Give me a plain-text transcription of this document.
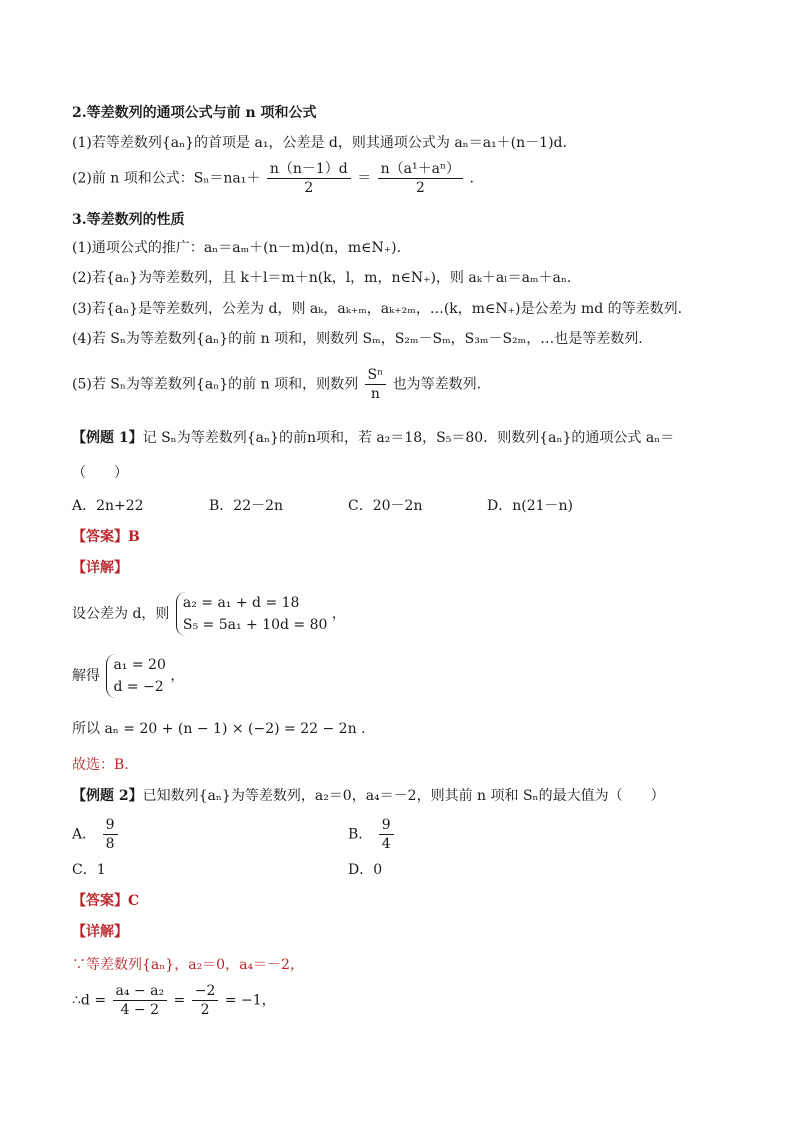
2.等差数列的通项公式与前 n 项和公式
(1)若等差数列{aₙ}的首项是 a₁，公差是 d，则其通项公式为 aₙ＝a₁＋(n－1)d.
(2)前 n 项和公式：$S_n=na_1+ \frac{n(n-1)d}{2} = \frac{\text{n（a¹＋aⁿ）}}{2}$ .
3.等差数列的性质
(1)通项公式的推广：aₙ＝aₘ＋(n－m)d(n，m∈N₊).
(2)若{aₙ}为等差数列，且 k＋l＝m＋n(k，l，m，n∈N₊)，则 aₖ＋aₗ＝aₘ＋aₙ.
(3)若{aₙ}是等差数列，公差为 d，则 aₖ，aₖ₊ₘ，aₖ₊₂ₘ，…(k，m∈N₊)是公差为 md 的等差数列.
(4)若 Sₙ为等差数列{aₙ}的前 n 项和，则数列 Sₘ，S₂ₘ－Sₘ，S₃ₘ－S₂ₘ，…也是等差数列.
(5)若 Sₙ为等差数列{aₙ}的前 n 项和，则数列 $\frac{\text{Sⁿ}}{n}$ 也为等差数列.
【例题 1】记 Sₙ为等差数列{aₙ}的前n项和，若 a₂＝18，S₅＝80．则数列{aₙ}的通项公式 aₙ＝
（　　）
A．2n+22	B．22－2n	C．20－2n	D．n(21－n)
【答案】B
【详解】
设公差为 d，则
a₂ = a₁ + d = 18
S₅ = 5a₁ + 10d = 80
，
解得
a₁ = 20
d = −2
，
所以 aₙ = 20 + (n − 1) × (−2) = 22 − 2n .
故选：B.
【例题 2】已知数列{aₙ}为等差数列，a₂＝0，a₄＝－2，则其前 n 项和 Sₙ的最大值为（　　）
A． $\frac{9}{8}$	B． $\frac{9}{4}$
C．1	D．0
【答案】C
【详解】
∵等差数列{aₙ}，a₂＝0，a₄＝－2，
∴d = $\frac{\text{a₄ − a₂}}{4 - 2} = \frac{-2}{2} = -1$，
